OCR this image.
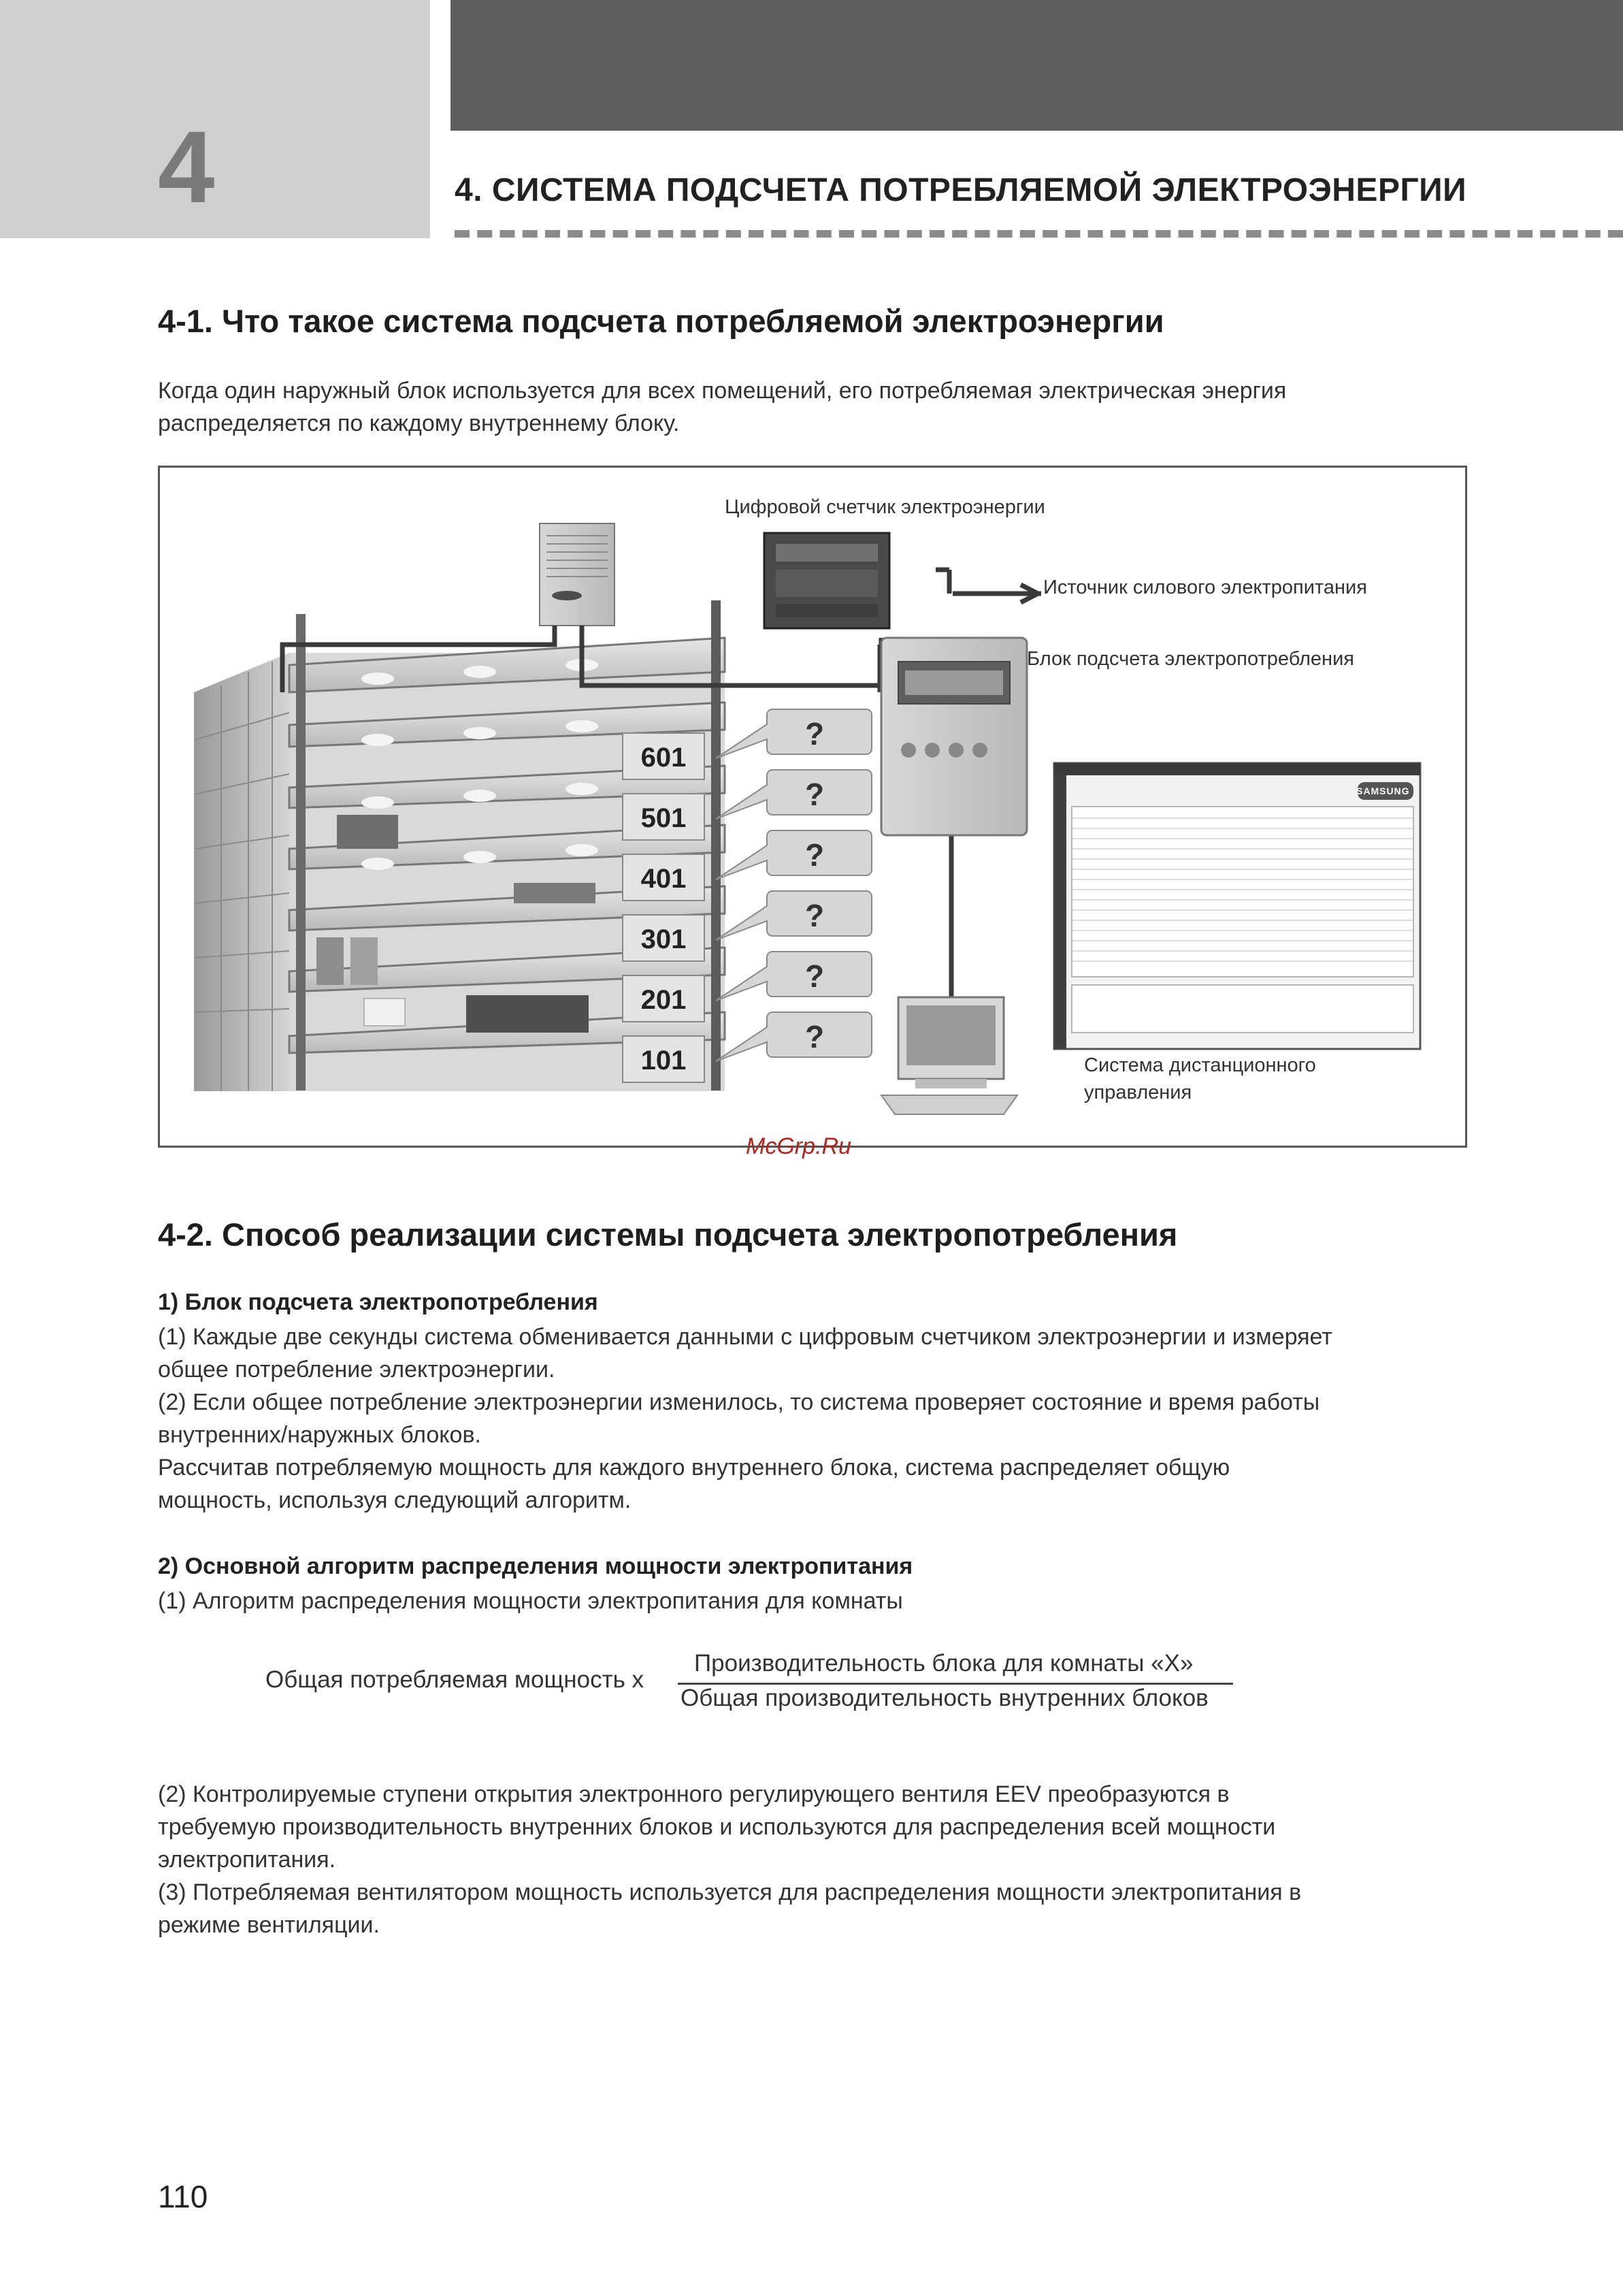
4	4. СИСТЕМА ПОДСЧЕТА ПОТРЕБЛЯЕМОЙ ЭЛЕКТРОЭНЕРГИИ
4-1. Что такое система подсчета потребляемой электроэнергии
Когда один наружный блок используется для всех помещений, его потребляемая электрическая энергия
распределяется по каждому внутреннему блоку.
Цифровой счетчик электроэнергии
Источник силового электропитания
Блок подсчета электропотребления
Система дистанционного
управления
SAMSUNG
601
501
401
301
201
101
?
?
?
?
?
?
McGrp.Ru
4-2. Способ реализации системы подсчета электропотребления
1) Блок подсчета электропотребления
(1) Каждые две секунды система обменивается данными с цифровым счетчиком электроэнергии и измеряет
общее потребление электроэнергии.
(2) Если общее потребление электроэнергии изменилось, то система проверяет состояние и время работы
внутренних/наружных блоков.
Рассчитав потребляемую мощность для каждого внутреннего блока, система распределяет общую
мощность, используя следующий алгоритм.
2) Основной алгоритм распределения мощности электропитания
(1) Алгоритм распределения мощности электропитания для комнаты
Общая потребляемая мощность x
Производительность блока для комнаты «X»
Общая производительность внутренних блоков
(2) Контролируемые ступени открытия электронного регулирующего вентиля EEV преобразуются в
требуемую производительность внутренних блоков и используются для распределения всей мощности
электропитания.
(3) Потребляемая вентилятором мощность используется для распределения мощности электропитания в
режиме вентиляции.
110
